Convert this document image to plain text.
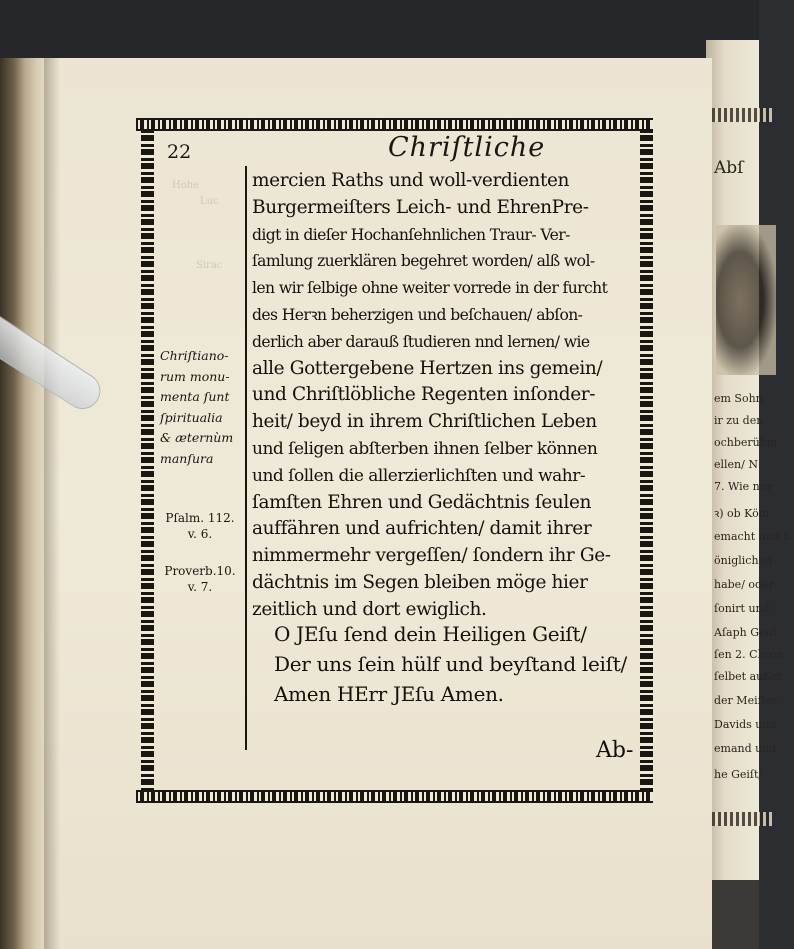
Abſ
em Sohn
ir zu den
ochberühm
ellen/ N
7. Wie nur
ꝛ) ob Köni
emacht und h
öniglichen
habe/ oder
ſonirt und
Aſaph Geiſt
ſen 2. Chron
ſelbet außer
der Meiſter
Davids und
emand und
he Geiſt/
Hohe
Luc
Sirac
22	Chriſtliche
mercien Raths und woll-verdienten
Burgermeiſters Leich- und EhrenPre-
digt in dieſer Hochanſehnlichen Traur- Ver-
ſamlung zuerklären begehret worden/ alß wol-
len wir ſelbige ohne weiter vorrede in der furcht
des Herꝛn beherzigen und beſchauen/ abſon-
derlich aber darauß ſtudieren nnd lernen/ wie
alle Gottergebene Hertzen ins gemein/
und Chriſtlöbliche Regenten inſonder-
heit/ beyd in ihrem Chriſtlichen Leben
und ſeligen abſterben ihnen ſelber können
und ſollen die allerzierlichſten und wahr-
ſamſten Ehren und Gedächtnis ſeulen
auffähren und aufrichten/ damit ihrer
nimmermehr vergeſſen/ ſondern ihr Ge-
dächtnis im Segen bleiben möge hier
zeitlich und dort ewiglich.
O JEſu ſend dein Heiligen Geiſt/
Der uns ſein hülf und beyſtand leiſt/
Amen HErr JEſu Amen.
Ab-
Chriſtiano-
rum monu-
menta ſunt
ſpiritualia
& æternùm
manſura
Pſalm. 112.
v. 6.
Proverb.10.
v. 7.
